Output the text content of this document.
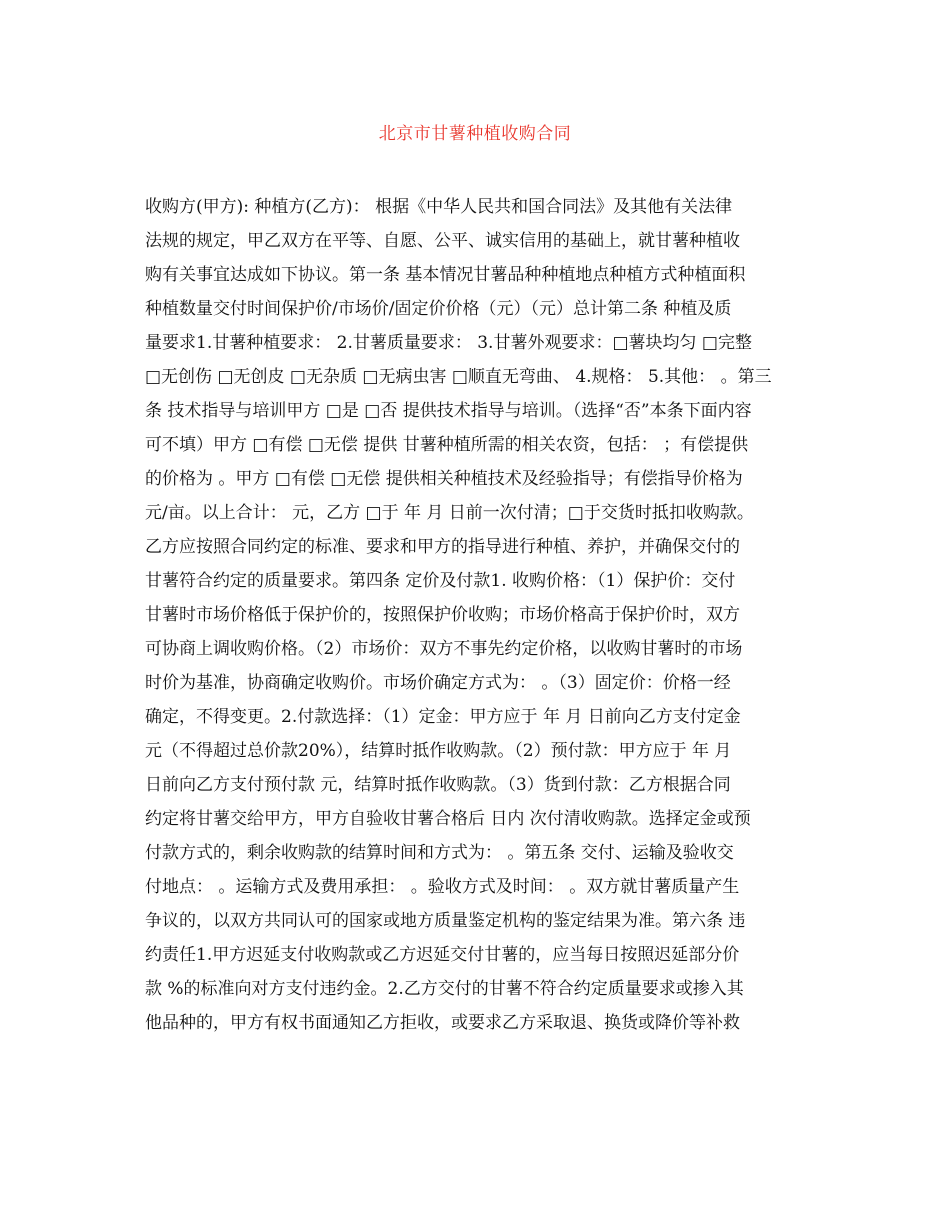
北京市甘薯种植收购合同
收购方(甲方): 种植方(乙方)： 根据《中华人民共和国合同法》及其他有关法律
法规的规定，甲乙双方在平等、自愿、公平、诚实信用的基础上，就甘薯种植收
购有关事宜达成如下协议。第一条 基本情况甘薯品种种植地点种植方式种植面积
种植数量交付时间保护价/市场价/固定价价格（元）（元）总计第二条 种植及质
量要求1.甘薯种植要求： 2.甘薯质量要求： 3.甘薯外观要求：□薯块均匀 □完整
□无创伤 □无创皮 □无杂质 □无病虫害 □顺直无弯曲、 4.规格： 5.其他： 。第三
条 技术指导与培训甲方 □是 □否 提供技术指导与培训。（选择“否”本条下面内容
可不填）甲方 □有偿 □无偿 提供 甘薯种植所需的相关农资，包括： ；有偿提供
的价格为 。甲方 □有偿 □无偿 提供相关种植技术及经验指导；有偿指导价格为
元/亩。以上合计： 元，乙方 □于 年 月 日前一次付清；□于交货时抵扣收购款。
乙方应按照合同约定的标准、要求和甲方的指导进行种植、养护，并确保交付的
甘薯符合约定的质量要求。第四条 定价及付款1. 收购价格：（1）保护价：交付
甘薯时市场价格低于保护价的，按照保护价收购；市场价格高于保护价时，双方
可协商上调收购价格。（2）市场价：双方不事先约定价格，以收购甘薯时的市场
时价为基准，协商确定收购价。市场价确定方式为： 。（3）固定价：价格一经
确定，不得变更。2.付款选择：（1）定金：甲方应于 年 月 日前向乙方支付定金
元（不得超过总价款20%），结算时抵作收购款。（2）预付款：甲方应于 年 月
日前向乙方支付预付款 元，结算时抵作收购款。（3）货到付款：乙方根据合同
约定将甘薯交给甲方，甲方自验收甘薯合格后 日内 次付清收购款。选择定金或预
付款方式的，剩余收购款的结算时间和方式为： 。第五条 交付、运输及验收交
付地点： 。运输方式及费用承担： 。验收方式及时间： 。双方就甘薯质量产生
争议的，以双方共同认可的国家或地方质量鉴定机构的鉴定结果为准。第六条 违
约责任1.甲方迟延支付收购款或乙方迟延交付甘薯的，应当每日按照迟延部分价
款 %的标准向对方支付违约金。2.乙方交付的甘薯不符合约定质量要求或掺入其
他品种的，甲方有权书面通知乙方拒收，或要求乙方采取退、换货或降价等补救
